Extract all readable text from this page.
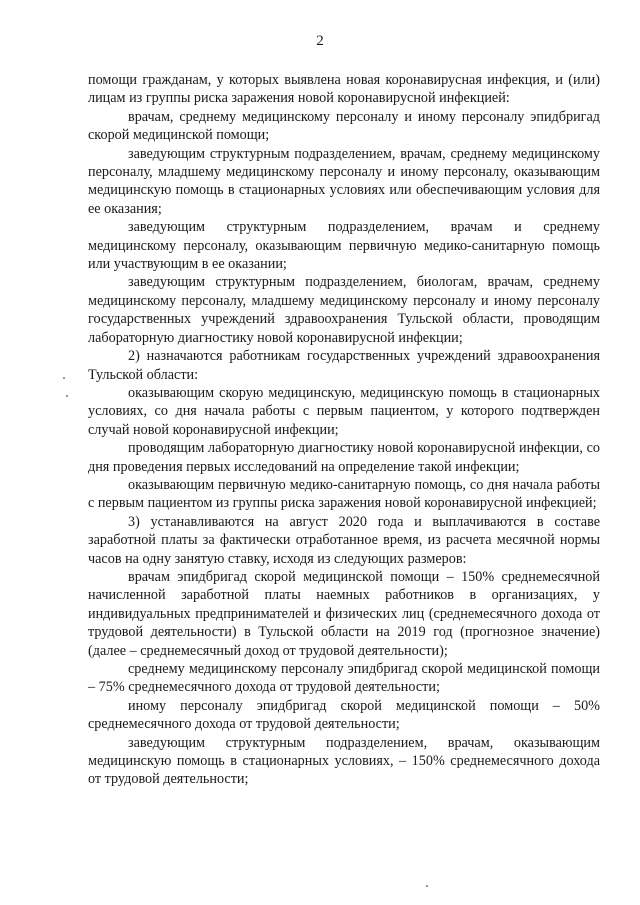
2

помощи гражданам, у которых выявлена новая коронавирусная инфекция, и (или) лицам из группы риска заражения новой коронавирусной инфекцией:

врачам, среднему медицинскому персоналу и иному персоналу эпидбригад скорой медицинской помощи;

заведующим структурным подразделением, врачам, среднему медицинскому персоналу, младшему медицинскому персоналу и иному персоналу, оказывающим медицинскую помощь в стационарных условиях или обеспечивающим условия для ее оказания;

заведующим структурным подразделением, врачам и среднему медицинскому персоналу, оказывающим первичную медико-санитарную помощь или участвующим в ее оказании;

заведующим структурным подразделением, биологам, врачам, среднему медицинскому персоналу, младшему медицинскому персоналу и иному персоналу государственных учреждений здравоохранения Тульской области, проводящим лабораторную диагностику новой коронавирусной инфекции;

2) назначаются работникам государственных учреждений здравоохранения Тульской области:

оказывающим скорую медицинскую, медицинскую помощь в стационарных условиях, со дня начала работы с первым пациентом, у которого подтвержден случай новой коронавирусной инфекции;

проводящим лабораторную диагностику новой коронавирусной инфекции, со дня проведения первых исследований на определение такой инфекции;

оказывающим первичную медико-санитарную помощь, со дня начала работы с первым пациентом из группы риска заражения новой коронавирусной инфекцией;

3) устанавливаются на август 2020 года и выплачиваются в составе заработной платы за фактически отработанное время, из расчета месячной нормы часов на одну занятую ставку, исходя из следующих размеров:

врачам эпидбригад скорой медицинской помощи – 150% среднемесячной начисленной заработной платы наемных работников в организациях, у индивидуальных предпринимателей и физических лиц (среднемесячного дохода от трудовой деятельности) в Тульской области на 2019 год (прогнозное значение) (далее – среднемесячный доход от трудовой деятельности);

среднему медицинскому персоналу эпидбригад скорой медицинской помощи – 75% среднемесячного дохода от трудовой деятельности;

иному персоналу эпидбригад скорой медицинской помощи – 50% среднемесячного дохода от трудовой деятельности;

заведующим структурным подразделением, врачам, оказывающим медицинскую помощь в стационарных условиях, – 150% среднемесячного дохода от трудовой деятельности;
